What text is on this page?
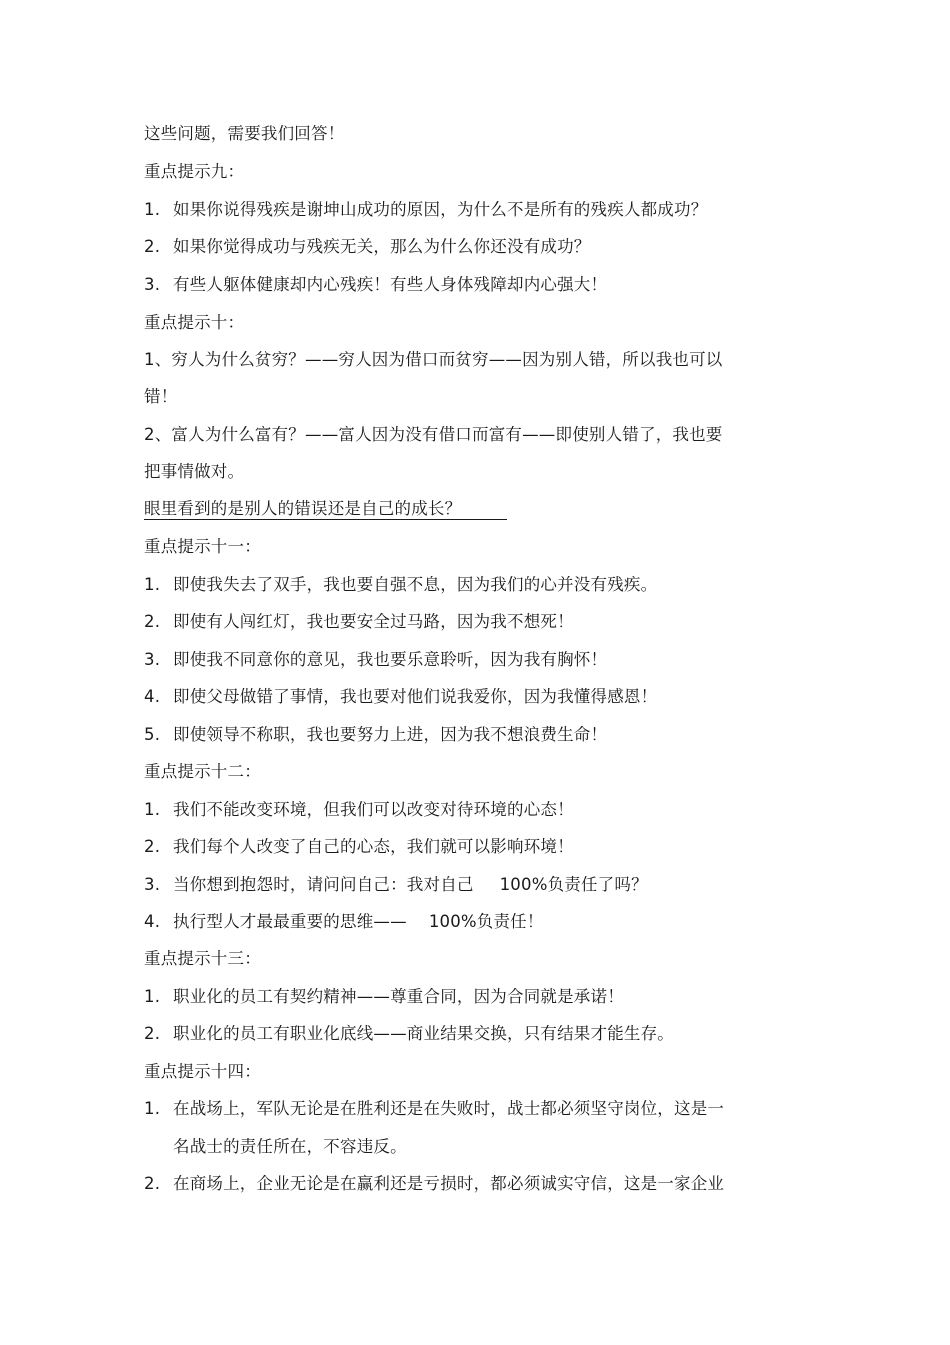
这些问题，需要我们回答！
重点提示九：
1. 如果你说得残疾是谢坤山成功的原因，为什么不是所有的残疾人都成功？
2. 如果你觉得成功与残疾无关，那么为什么你还没有成功？
3. 有些人躯体健康却内心残疾！有些人身体残障却内心强大！
重点提示十：
1、穷人为什么贫穷？——穷人因为借口而贫穷——因为别人错，所以我也可以
错！
2、富人为什么富有？——富人因为没有借口而富有——即使别人错了，我也要
把事情做对。
眼里看到的是别人的错误还是自己的成长？
重点提示十一：
1. 即使我失去了双手，我也要自强不息，因为我们的心并没有残疾。
2. 即使有人闯红灯，我也要安全过马路，因为我不想死！
3. 即使我不同意你的意见，我也要乐意聆听，因为我有胸怀！
4. 即使父母做错了事情，我也要对他们说我爱你，因为我懂得感恩！
5. 即使领导不称职，我也要努力上进，因为我不想浪费生命！
重点提示十二：
1. 我们不能改变环境，但我们可以改变对待环境的心态！
2. 我们每个人改变了自己的心态，我们就可以影响环境！
3. 当你想到抱怨时，请问问自己：我对自己 100%负责任了吗？
4. 执行型人才最最重要的思维—— 100%负责任！
重点提示十三：
1. 职业化的员工有契约精神——尊重合同，因为合同就是承诺！
2. 职业化的员工有职业化底线——商业结果交换，只有结果才能生存。
重点提示十四：
1. 在战场上，军队无论是在胜利还是在失败时，战士都必须坚守岗位，这是一
名战士的责任所在，不容违反。
2. 在商场上，企业无论是在赢利还是亏损时，都必须诚实守信，这是一家企业
